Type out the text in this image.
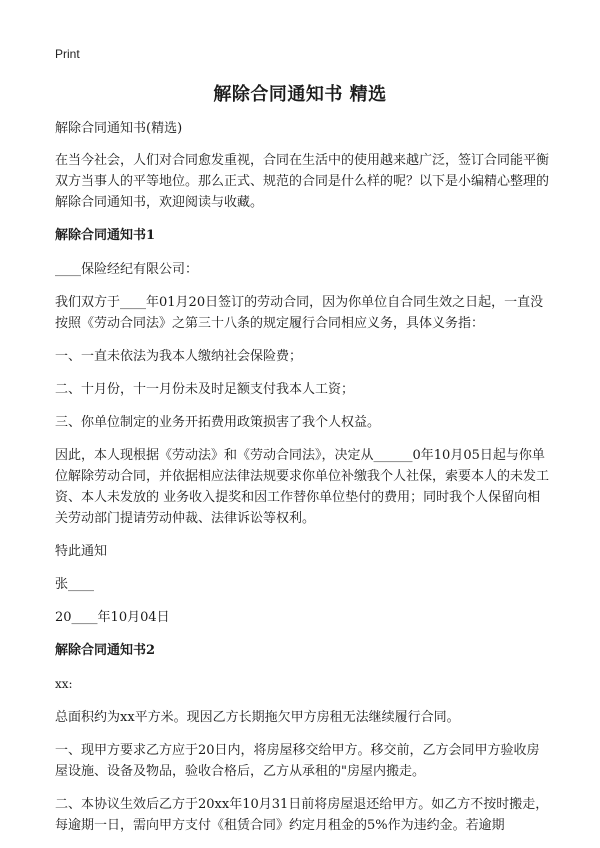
Print
解除合同通知书 精选

解除合同通知书(精选)

在当今社会，人们对合同愈发重视，合同在生活中的使用越来越广泛，签订合同能平衡双方当事人的平等地位。那么正式、规范的合同是什么样的呢？以下是小编精心整理的解除合同通知书，欢迎阅读与收藏。

解除合同通知书1

____保险经纪有限公司：

我们双方于____年01月20日签订的劳动合同，因为你单位自合同生效之日起，一直没按照《劳动合同法》之第三十八条的规定履行合同相应义务，具体义务指：

一、一直未依法为我本人缴纳社会保险费；

二、十月份，十一月份未及时足额支付我本人工资；

三、你单位制定的业务开拓费用政策损害了我个人权益。

因此，本人现根据《劳动法》和《劳动合同法》，决定从______0年10月05日起与你单位解除劳动合同，并依据相应法律法规要求你单位补缴我个人社保，索要本人的未发工资、本人未发放的 业务收入提奖和因工作替你单位垫付的费用；同时我个人保留向相关劳动部门提请劳动仲裁、法律诉讼等权利。

特此通知

张____

20____年10月04日

解除合同通知书2

xx:

总面积约为xx平方米。现因乙方长期拖欠甲方房租无法继续履行合同。

一、现甲方要求乙方应于20日内，将房屋移交给甲方。移交前，乙方会同甲方验收房屋设施、设备及物品，验收合格后，乙方从承租的"房屋内搬走。

二、本协议生效后乙方于20xx年10月31日前将房屋退还给甲方。如乙方不按时搬走，每逾期一日，需向甲方支付《租赁合同》约定月租金的5%作为违约金。若逾期
